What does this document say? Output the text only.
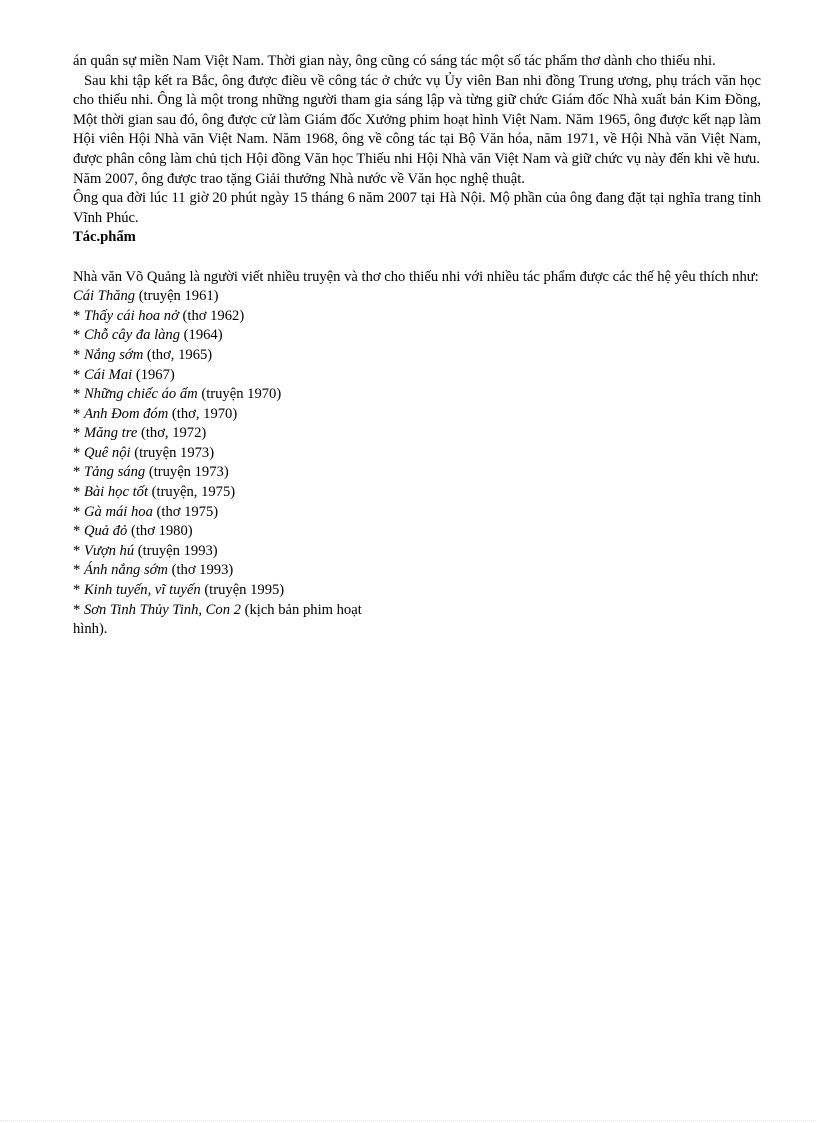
án quân sự miền Nam Việt Nam. Thời gian này, ông cũng có sáng tác một số tác phẩm thơ dành cho thiếu nhi.

Sau khi tập kết ra Bắc, ông được điều về công tác ở chức vụ Ủy viên Ban nhi đồng Trung ương, phụ trách văn học cho thiếu nhi. Ông là một trong những người tham gia sáng lập và từng giữ chức Giám đốc Nhà xuất bản Kim Đồng, Một thời gian sau đó, ông được cử làm Giám đốc Xưởng phim hoạt hình Việt Nam. Năm 1965, ông được kết nạp làm Hội viên Hội Nhà văn Việt Nam. Năm 1968, ông về công tác tại Bộ Văn hóa, năm 1971, về Hội Nhà văn Việt Nam, được phân công làm chủ tịch Hội đồng Văn học Thiếu nhi Hội Nhà văn Việt Nam và giữ chức vụ này đến khi về hưu.

Năm 2007, ông được trao tặng Giải thưởng Nhà nước về Văn học nghệ thuật.

Ông qua đời lúc 11 giờ 20 phút ngày 15 tháng 6 năm 2007 tại Hà Nội. Mộ phần của ông đang đặt tại nghĩa trang tỉnh Vĩnh Phúc.

Tác.phẩm

Nhà văn Võ Quảng là người viết nhiều truyện và thơ cho thiếu nhi với nhiều tác phẩm được các thế hệ yêu thích như:

Cái Thăng (truyện 1961)
* Thấy cái hoa nở (thơ 1962)
* Chỗ cây đa làng (1964)
* Nắng sớm (thơ, 1965)
* Cái Mai (1967)
* Những chiếc áo ấm (truyện 1970)
* Anh Đom đóm (thơ, 1970)
* Măng tre (thơ, 1972)
* Quê nội (truyện 1973)
* Tảng sáng (truyện 1973)
* Bài học tốt (truyện, 1975)
* Gà mái hoa (thơ 1975)
* Quả đỏ (thơ 1980)
* Vượn hú (truyện 1993)
* Ánh nắng sớm (thơ 1993)
* Kinh tuyến, vĩ tuyến (truyện 1995)
* Sơn Tinh Thủy Tinh, Con 2 (kịch bản phim hoạt hình).
